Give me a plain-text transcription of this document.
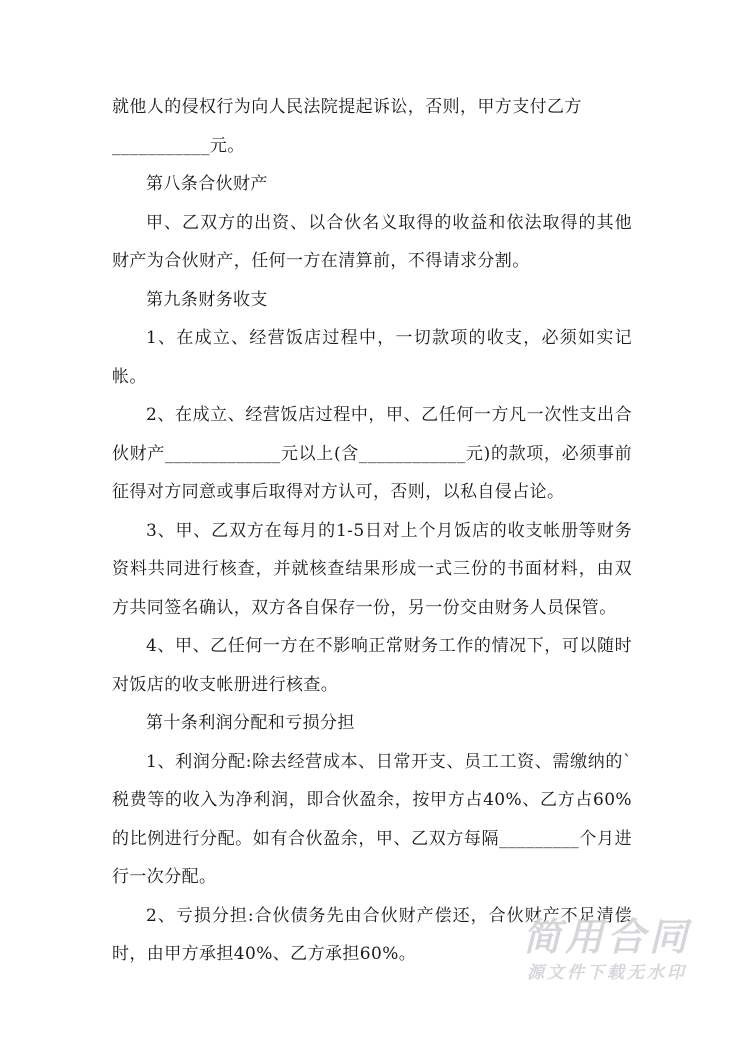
就他人的侵权行为向人民法院提起诉讼，否则，甲方支付乙方

___________元。

第八条合伙财产

甲、乙双方的出资、以合伙名义取得的收益和依法取得的其他财产为合伙财产，任何一方在清算前，不得请求分割。

第九条财务收支

1、在成立、经营饭店过程中，一切款项的收支，必须如实记帐。

2、在成立、经营饭店过程中，甲、乙任何一方凡一次性支出合伙财产_____________元以上(含____________元)的款项，必须事前征得对方同意或事后取得对方认可，否则，以私自侵占论。

3、甲、乙双方在每月的1-5日对上个月饭店的收支帐册等财务资料共同进行核查，并就核查结果形成一式三份的书面材料，由双方共同签名确认，双方各自保存一份，另一份交由财务人员保管。

4、甲、乙任何一方在不影响正常财务工作的情况下，可以随时对饭店的收支帐册进行核查。

第十条利润分配和亏损分担

1、利润分配:除去经营成本、日常开支、员工工资、需缴纳的`税费等的收入为净利润，即合伙盈余，按甲方占40%、乙方占60%的比例进行分配。如有合伙盈余，甲、乙双方每隔_________个月进行一次分配。

2、亏损分担:合伙债务先由合伙财产偿还，合伙财产不足清偿时，由甲方承担40%、乙方承担60%。	简用合同
源文件下载无水印
